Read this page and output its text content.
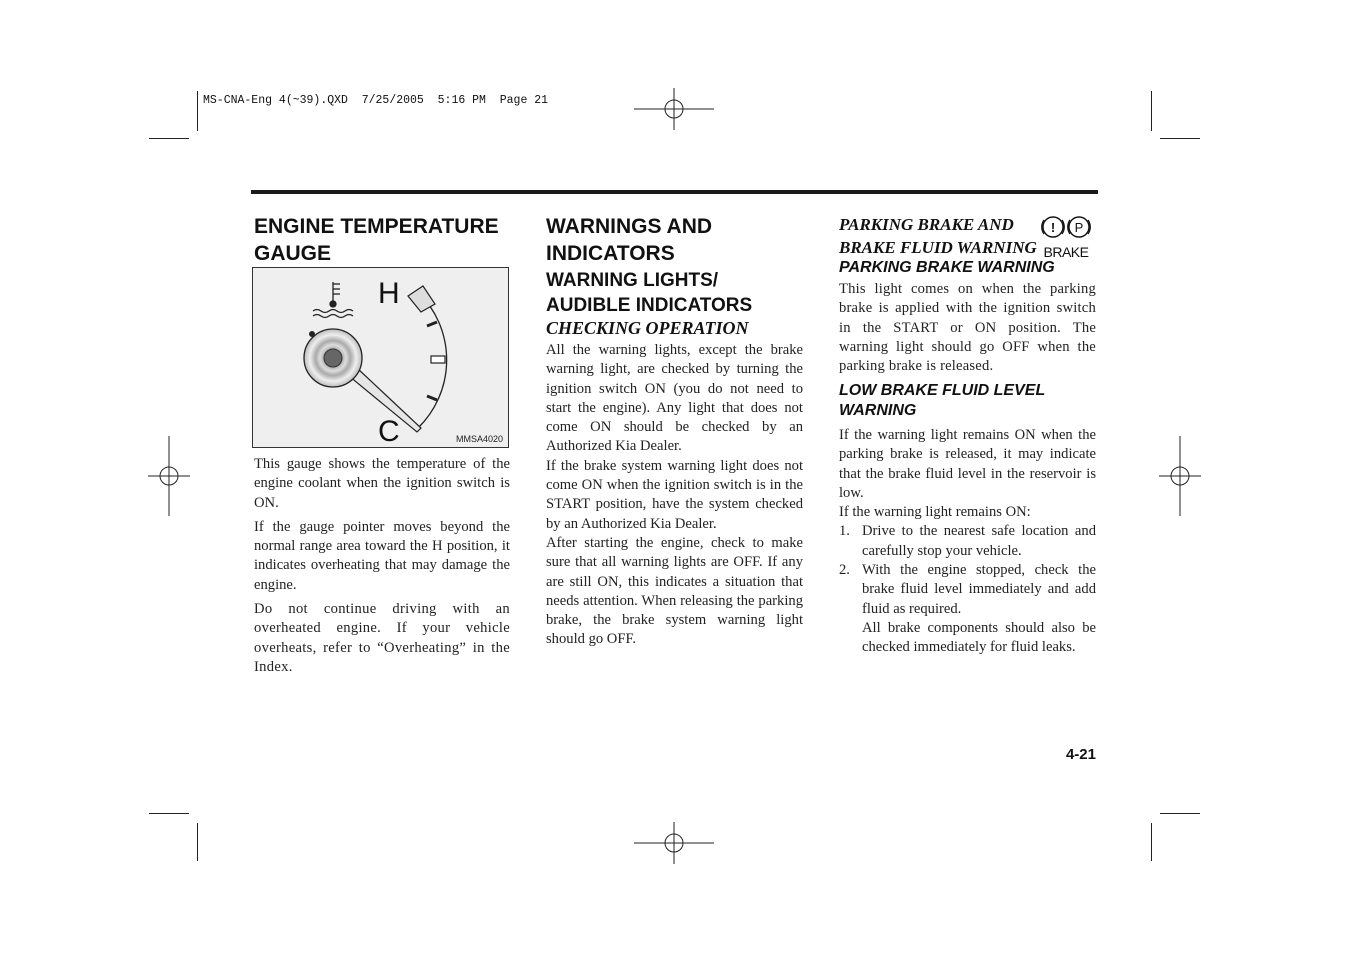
MS-CNA-Eng 4(~39).QXD  7/25/2005  5:16 PM  Page 21
ENGINE TEMPERATURE GAUGE
H
C	MMSA4020

This gauge shows the temperature of the engine coolant when the ignition switch is ON.

If the gauge pointer moves beyond the normal range area toward the H position, it indicates overheating that may damage the engine.

Do not continue driving with an overheated engine. If your vehicle overheats, refer to “Overheating” in the Index.

WARNINGS AND INDICATORS
WARNING LIGHTS/ AUDIBLE INDICATORS
CHECKING OPERATION

All the warning lights, except the brake warning light, are checked by turning the ignition switch ON (you do not need to start the engine). Any light that does not come ON should be checked by an Authorized Kia Dealer.

If the brake system warning light does not come ON when the ignition switch is in the START position, have the system checked by an Authorized Kia Dealer.

After starting the engine, check to make sure that all warning lights are OFF. If any are still ON, this indicates a situation that needs attention. When releasing the parking brake, the brake system warning light should go OFF.

PARKING BRAKE AND
BRAKE FLUID WARNING
! P
BRAKE
PARKING BRAKE WARNING
This light comes on when the parking brake is applied with the ignition switch in the START or ON position. The warning light should go OFF when the parking brake is released.
LOW BRAKE FLUID LEVEL WARNING
If the warning light remains ON when the parking brake is released, it may indicate that the brake fluid level in the reservoir is low.
If the warning light remains ON:
1. Drive to the nearest safe location and carefully stop your vehicle.
2. With the engine stopped, check the brake fluid level immediately and add fluid as required.
All brake components should also be checked immediately for fluid leaks.
4-21
